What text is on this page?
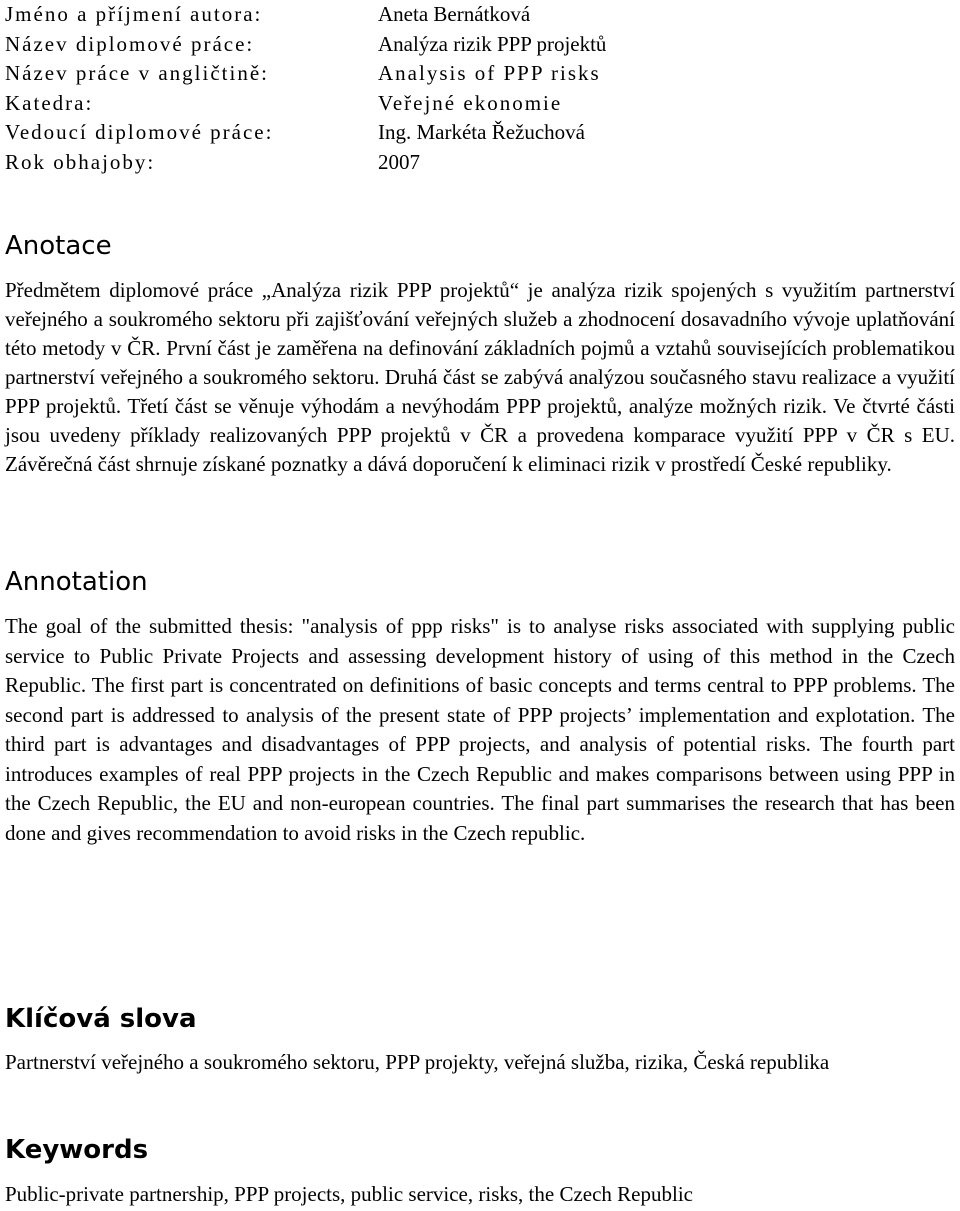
Jméno a příjmení autora:	Aneta Bernátková
Název diplomové práce:	Analýza rizik PPP projektů
Název práce v angličtině:	Analysis of PPP risks
Katedra:	Veřejné ekonomie
Vedoucí diplomové práce:	Ing. Markéta Řežuchová
Rok obhajoby:	2007
Anotace

Předmětem diplomové práce „Analýza rizik PPP projektů“ je analýza rizik spojených s využitím partnerství veřejného a soukromého sektoru při zajišťování veřejných služeb a zhodnocení dosavadního vývoje uplatňování této metody v ČR. První část je zaměřena na definování základních pojmů a vztahů souvisejících problematikou partnerství veřejného a soukromého sektoru. Druhá část se zabývá analýzou současného stavu realizace a využití PPP projektů. Třetí část se věnuje výhodám a nevýhodám PPP projektů, analýze možných rizik. Ve čtvrté části jsou uvedeny příklady realizovaných PPP projektů v ČR a provedena komparace využití PPP v ČR s EU. Závěrečná část shrnuje získané poznatky a dává doporučení k eliminaci rizik v prostředí České republiky.

Annotation

The goal of the submitted thesis: "analysis of ppp risks" is to analyse risks associated with supplying public service to Public Private Projects and assessing development history of using of this method in the Czech Republic. The first part is concentrated on definitions of basic concepts and terms central to PPP problems. The second part is addressed to analysis of the present state of PPP projects’ implementation and explotation. The third part is advantages and disadvantages of PPP projects, and analysis of potential risks. The fourth part introduces examples of real PPP projects in the Czech Republic and makes comparisons between using PPP in the Czech Republic, the EU and non-european countries. The final part summarises the research that has been done and gives recommendation to avoid risks in the Czech republic.

Klíčová slova

Partnerství veřejného a soukromého sektoru, PPP projekty, veřejná služba, rizika, Česká republika

Keywords

Public-private partnership, PPP projects, public service, risks, the Czech Republic
